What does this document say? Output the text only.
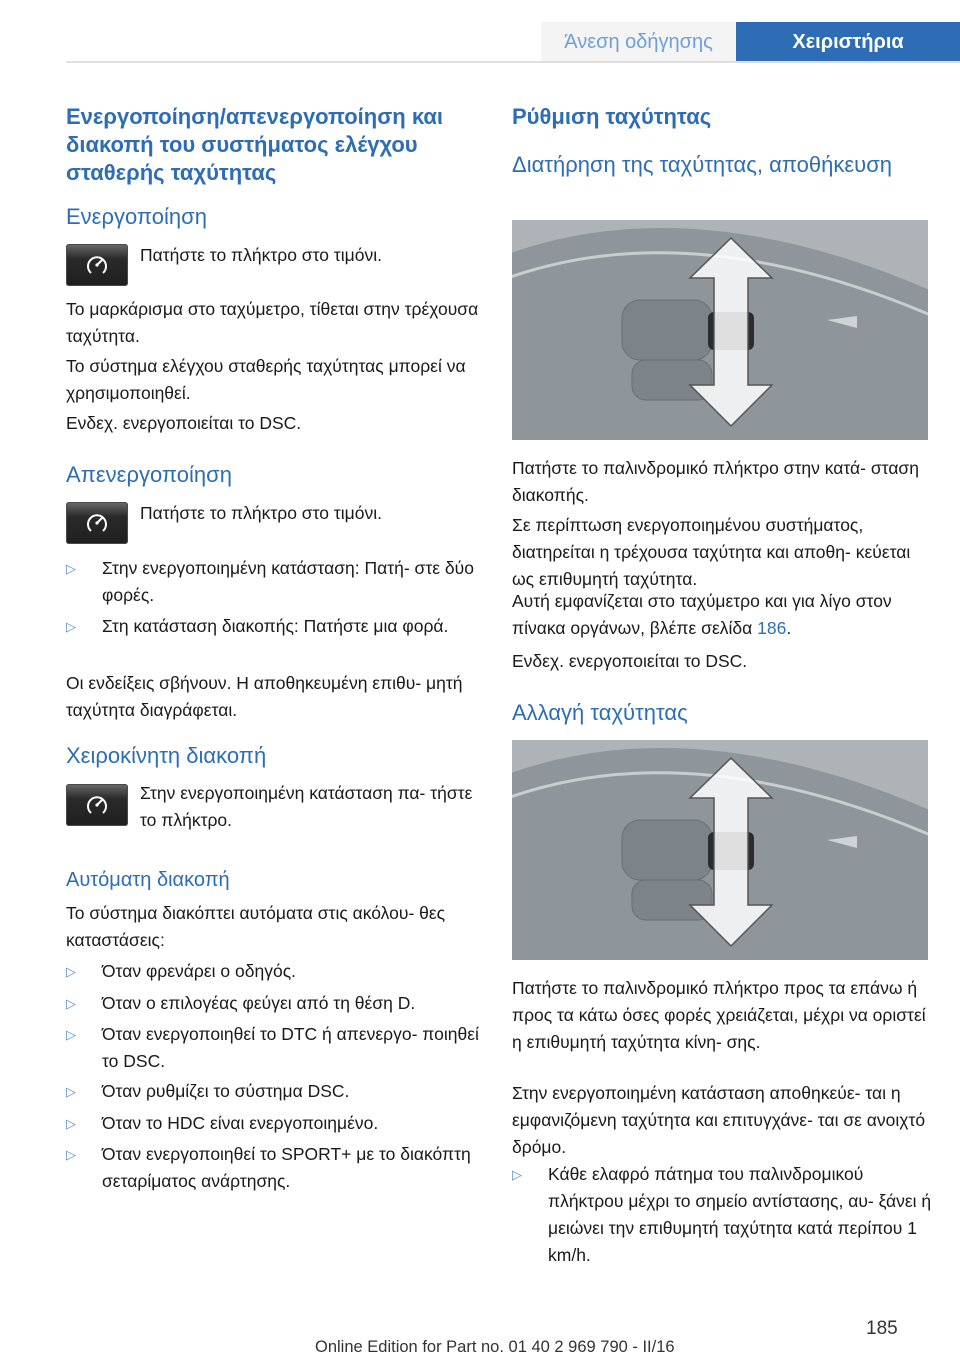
Άνεση οδήγησης	Χειριστήρια
Ενεργοποίηση/απενεργοποίηση και διακοπή του συστήματος ελέγχου σταθερής ταχύτητας
Ενεργοποίηση
Πατήστε το πλήκτρο στο τιμόνι.
Το μαρκάρισμα στο ταχύμετρο, τίθεται στην τρέχουσα ταχύτητα.
Το σύστημα ελέγχου σταθερής ταχύτητας μπορεί να χρησιμοποιηθεί.
Ενδεχ. ενεργοποιείται το DSC.
Απενεργοποίηση
Πατήστε το πλήκτρο στο τιμόνι.
▷ Στην ενεργοποιημένη κατάσταση: Πατή‐ στε δύο φορές.
▷ Στη κατάσταση διακοπής: Πατήστε μια φορά.
Οι ενδείξεις σβήνουν. Η αποθηκευμένη επιθυ‐ μητή ταχύτητα διαγράφεται.
Χειροκίνητη διακοπή
Στην ενεργοποιημένη κατάσταση πα‐ τήστε το πλήκτρο.
Αυτόματη διακοπή
Το σύστημα διακόπτει αυτόματα στις ακόλου‐ θες καταστάσεις:
▷ Όταν φρενάρει ο οδηγός.
▷ Όταν ο επιλογέας φεύγει από τη θέση D.
▷ Όταν ενεργοποιηθεί το DTC ή απενεργο‐ ποιηθεί το DSC.
▷ Όταν ρυθμίζει το σύστημα DSC.
▷ Όταν το HDC είναι ενεργοποιημένο.
▷ Όταν ενεργοποιηθεί το SPORT+ με το διακόπτη σεταρίματος ανάρτησης.
Ρύθμιση ταχύτητας
Διατήρηση της ταχύτητας, αποθήκευση
Πατήστε το παλινδρομικό πλήκτρο στην κατά‐ σταση διακοπής.
Σε περίπτωση ενεργοποιημένου συστήματος, διατηρείται η τρέχουσα ταχύτητα και αποθη‐ κεύεται ως επιθυμητή ταχύτητα.
Αυτή εμφανίζεται στο ταχύμετρο και για λίγο στον πίνακα οργάνων, βλέπε σελίδα 186.
Ενδεχ. ενεργοποιείται το DSC.
Αλλαγή ταχύτητας
Πατήστε το παλινδρομικό πλήκτρο προς τα επάνω ή προς τα κάτω όσες φορές χρειάζεται, μέχρι να οριστεί η επιθυμητή ταχύτητα κίνη‐ σης.
Στην ενεργοποιημένη κατάσταση αποθηκεύε‐ ται η εμφανιζόμενη ταχύτητα και επιτυγχάνε‐ ται σε ανοιχτό δρόμο.
▷ Κάθε ελαφρό πάτημα του παλινδρομικού πλήκτρου μέχρι το σημείο αντίστασης, αυ‐ ξάνει ή μειώνει την επιθυμητή ταχύτητα κατά περίπου 1 km/h.
185
Online Edition for Part no. 01 40 2 969 790 - II/16
